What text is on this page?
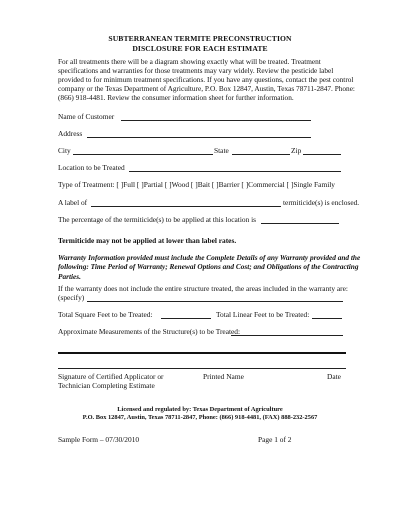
SUBTERRANEAN TERMITE PRECONSTRUCTION
DISCLOSURE FOR EACH ESTIMATE
For all treatments there will be a diagram showing exactly what will be treated. Treatment specifications and warranties for those treatments may vary widely. Review the pesticide label provided to for minimum treatment specifications. If you have any questions, contact the pest control company or the Texas Department of Agriculture, P.O. Box 12847, Austin, Texas 78711-2847. Phone: (866) 918-4481. Review the consumer information sheet for further information.
Name of Customer
Address
City	State	Zip
Location to be Treated
Type of Treatment: [ ]Full [ ]Partial [ ]Wood [ ]Bait [ ]Barrier [ ]Commercial [ ]Single Family
A label of	termiticide(s) is enclosed.
The percentage of the termiticide(s) to be applied at this location is
Termiticide may not be applied at lower than label rates.
Warranty Information provided must include the Complete Details of any Warranty provided and the following: Time Period of Warranty; Renewal Options and Cost; and Obligations of the Contracting Parties.
If the warranty does not include the entire structure treated, the areas included in the warranty are:
(specify)
Total Square Feet to be Treated:	Total Linear Feet to be Treated:
Approximate Measurements of the Structure(s) to be Treated:
Signature of Certified Applicator or
Technician Completing Estimate
Printed Name	Date
Licensed and regulated by: Texas Department of Agriculture
P.O. Box 12847, Austin, Texas 78711-2847, Phone: (866) 918-4481, (FAX) 888-232-2567
Sample Form – 07/30/2010	Page 1 of 2
